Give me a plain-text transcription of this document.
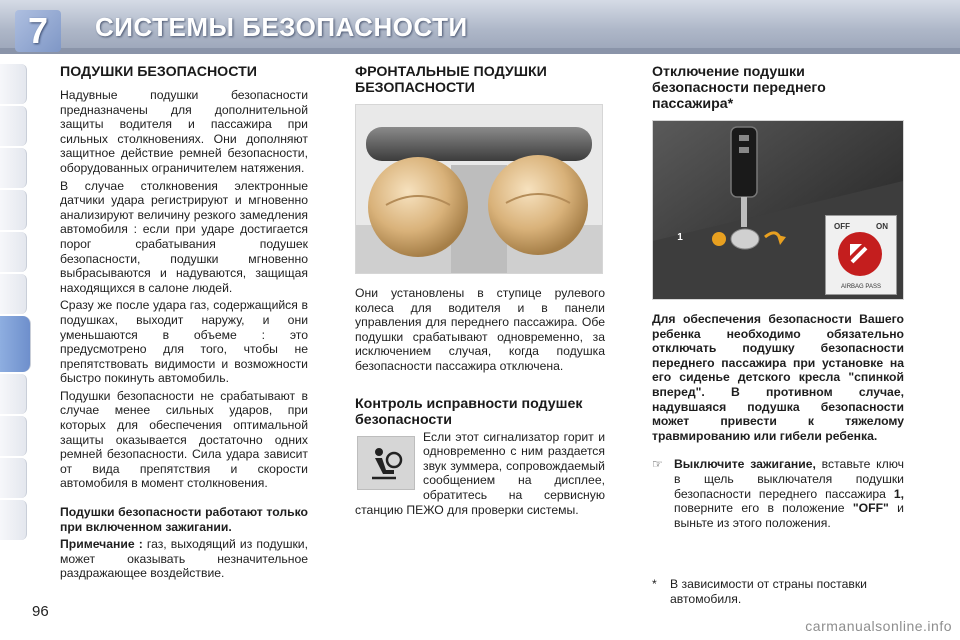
7	СИСТЕМЫ БЕЗОПАСНОСТИ
ПОДУШКИ БЕЗОПАСНОСТИ

Надувные подушки безопасности предназначены для дополнительной защиты водителя и пассажира при сильных столкновениях. Они дополняют защитное действие ремней безопасности, оборудованных ограничителем натяжения.

В случае столкновения электронные датчики удара регистрируют и мгновенно анализируют величину резкого замедления автомобиля : если при ударе достигается порог срабатывания подушек безопасности, подушки мгновенно выбрасываются и надуваются, защищая находящихся в салоне людей.

Сразу же после удара газ, содержащийся в подушках, выходит наружу, и они уменьшаются в объеме : это предусмотрено для того, чтобы не препятствовать видимости и возможности быстро покинуть автомобиль.

Подушки безопасности не срабатывают в случае менее сильных ударов, при которых для обеспечения оптимальной защиты оказывается достаточно одних ремней безопасности. Сила удара зависит от вида препятствия и скорости автомобиля в момент столкновения.

Подушки безопасности работают только при включенном зажигании.

Примечание : газ, выходящий из подушки, может оказывать незначительное раздражающее воздействие.

ФРОНТАЛЬНЫЕ ПОДУШКИ БЕЗОПАСНОСТИ

Они установлены в ступице рулевого колеса для водителя и в панели управления для переднего пассажира. Обе подушки срабатывают одновременно, за исключением случая, когда подушка безопасности пассажира отключена.

Контроль исправности подушек безопасности

Если этот сигнализатор горит и одновременно с ним раздается звук зуммера, сопровождаемый сообщением на дисплее, обратитесь на сервисную станцию ПЕЖО для проверки системы.

Отключение подушки безопасности переднего пассажира*
1
OFF	ON
AIRBAG PASS

Для обеспечения безопасности Вашего ребенка необходимо обязательно отключать подушку безопасности переднего пассажира при установке на его сиденье детского кресла "спинкой вперед". В противном случае, надувшаяся подушка безопасности может привести к тяжелому травмированию или гибели ребенка.

☞ Выключите зажигание, вставьте ключ в щель выключателя подушки безопасности переднего пассажира 1, поверните его в положение "OFF" и выньте из этого положения.

*	В зависимости от страны поставки автомобиля.
96
carmanualsonline.info
